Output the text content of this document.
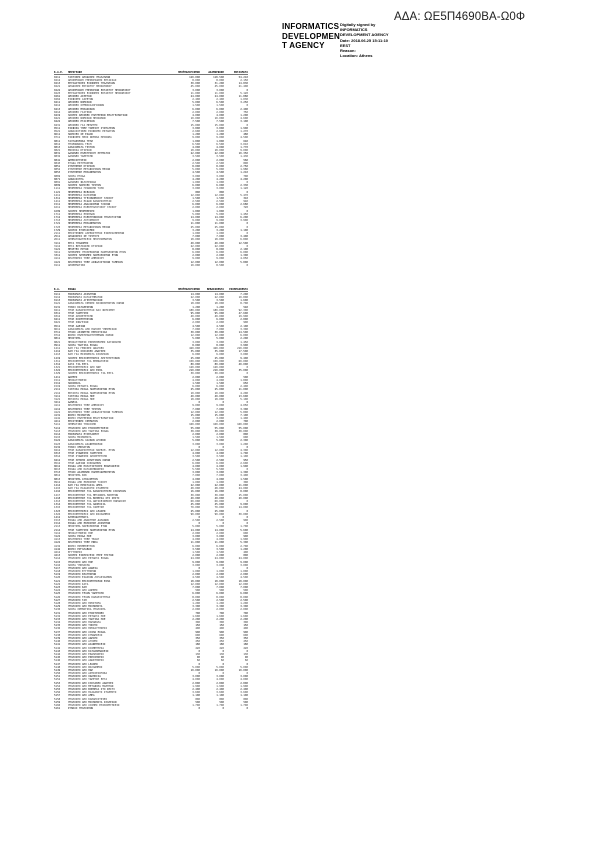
ΑΔΑ: ΩΕ5Π4690ΒΑ-Ω0Φ
INFORMATICS
DEVELOPMEN
T AGENCY
Digitally signed by
INFORMATICS
DEVELOPMENT AGENCY
Date: 2018.06.25 15:11:10
EEST
Reason:
Location: Athens
Κ.Α.Ε.	ΠΕΡΙΓΡΑΦΗ	ΠΡΟΫΠΟΛΟΓΙΣΜΟΣ	ΔΙΑΜΟΡΦΩΣΗ	ΕΝΤΑΛΜΑΤΑ
0211	ΤΑΚΤΙΚΕΣ ΑΠΟΔΟΧΕΣ ΥΠΑΛΛΗΛΩΝ	120.000	118.500	54.210
0212	ΑΠΟΖΗΜΙΩΣΗ ΥΠΕΡΩΡΙΑΚΗΣ ΕΡΓΑΣΙΑΣ	8.000	8.000	2.150
0213	ΕΡΓΟΔΟΤΙΚΕΣ ΕΙΣΦΟΡΕΣ ΥΠΑΛΛΗΛΩΝ	30.000	31.200	14.830
0221	ΑΠΟΔΟΧΕΣ ΕΚΤΑΚΤΟΥ ΠΡΟΣΩΠΙΚΟΥ	45.000	45.000	21.400
0222	ΑΠΟΖΗΜΙΩΣΗ ΥΠΕΡΩΡΙΩΝ ΕΚΤΑΚΤΟΥ ΠΡΟΣΩΠΙΚΟΥ	3.000	3.000	0
0223	ΕΡΓΟΔΟΤΙΚΕΣ ΕΙΣΦΟΡΕΣ ΕΚΤΑΚΤΟΥ ΠΡΟΣΩΠΙΚΟΥ	11.000	11.000	5.120
0261	ΑΜΟΙΒΕΣ ΑΙΡΕΤΩΝ	24.000	24.000	11.880
0262	ΕΙΣΦΟΡΕΣ ΑΙΡΕΤΩΝ	2.400	2.400	1.030
0411	ΑΜΟΙΒΕΣ ΝΟΜΙΚΩΝ	5.000	6.500	3.250
0412	ΑΜΟΙΒΕΣ ΣΥΜΒΟΛΑΙΟΓΡΑΦΩΝ	1.500	1.500	0
0413	ΑΜΟΙΒΕΣ ΜΗΧΑΝΙΚΩΝ	6.000	6.000	2.400
0414	ΑΜΟΙΒΕΣ ΓΙΑΤΡΩΝ	2.000	2.000	750
0419	ΛΟΙΠΕΣ ΑΜΟΙΒΕΣ ΕΛΕΥΘΕΡΩΝ ΕΠΑΓΓΕΛΜΑΤΙΩΝ	4.000	4.000	1.200
0421	ΑΜΟΙΒΕΣ ΝΟΜΙΚΩΝ ΠΡΟΣΩΠΩΝ	10.000	10.000	4.600
0422	ΑΜΟΙΒΕΣ ΕΤΑΙΡΕΙΩΝ	7.500	7.500	3.100
0431	ΑΜΟΙΒΕΣ ΓΙΑ ΜΕΛΕΤΕΣ	15.000	15.000	0
0511	ΕΙΣΦΟΡΑ ΥΠΕΡ ΤΑΜΕΙΟΥ ΣΥΝΤΑΞΕΩΝ	3.800	3.800	1.900
0521	ΑΣΦΑΛΙΣΤΙΚΕΣ ΕΙΣΦΟΡΕΣ ΕΚΤΑΚΤΩΝ	2.600	2.600	1.270
0611	ΠΑΡΟΧΕΣ ΣΕ ΕΙΔΟΣ	1.200	1.200	480
0711	ΕΙΣΦΟΡΕΣ ΠΡΟΣ ΝΟΜΙΚΑ ΠΡΟΣΩΠΑ	9.000	9.000	4.500
0811	ΤΑΧΥΔΡΟΜΙΚΑ ΤΕΛΗ	1.800	1.800	640
0812	ΤΗΛΕΦΩΝΙΚΑ ΤΕΛΗ	6.500	6.500	3.010
0813	ΔΙΚΑΙΩΜΑΤΑ ΤΡΙΤΩΝ	4.000	4.000	1.770
0821	ΕΝΟΙΚΙΑ ΚΤΙΡΙΩΝ	18.000	18.000	9.000
0831	ΔΑΠΑΝΕΣ ΗΛΕΚΤΡΙΚΟΥ ΡΕΥΜΑΤΟΣ	22.000	22.000	10.350
0832	ΔΑΠΑΝΕΣ ΥΔΡΕΥΣΗΣ	3.500	3.500	1.430
0841	ΔΗΜΟΣΙΕΥΣΕΙΣ	2.000	2.000	560
0843	ΕΞΟΔΑ ΕΚΤΥΠΩΣΕΩΝ	2.500	2.500	890
0851	ΣΥΝΤΗΡΗΣΗ ΚΤΙΡΙΩΝ	8.000	8.000	2.750
0852	ΣΥΝΤΗΡΗΣΗ ΜΕΤΑΦΟΡΙΚΩΝ ΜΕΣΩΝ	5.000	5.000	1.980
0853	ΣΥΝΤΗΡΗΣΗ ΜΗΧΑΝΗΜΑΤΩΝ	4.500	4.500	1.210
0869	ΛΟΙΠΑ ΕΞΟΔΑ	3.000	3.000	700
0871	ΑΣΦΑΛΙΣΤΡΑ	4.200	4.200	4.200
0891	ΔΑΠΑΝΕΣ ΦΙΛΟΞΕΝΙΑΣ	1.000	1.000	0
0899	ΛΟΙΠΕΣ ΠΑΡΟΧΕΣ ΤΡΙΤΩΝ	6.000	6.000	2.330
1111	ΠΡΟΜΗΘΕΙΑ ΓΡΑΦΙΚΗΣ ΥΛΗΣ	3.000	3.000	1.120
1121	ΠΡΟΜΗΘΕΙΑ ΒΙΒΛΙΩΝ	800	800	0
1211	ΠΡΟΜΗΘΕΙΑ ΚΑΥΣΙΜΩΝ	12.000	12.000	5.470
1311	ΠΡΟΜΗΘΕΙΑ ΥΓΕΙΟΝΟΜΙΚΟΥ ΥΛΙΚΟΥ	1.500	1.500	310
1411	ΠΡΟΜΗΘΕΙΑ ΕΙΔΩΝ ΚΑΘΑΡΙΟΤΗΤΑΣ	2.500	2.500	940
1511	ΠΡΟΜΗΘΕΙΑ ΑΝΑΛΩΣΙΜΩΝ ΥΛΙΚΩΝ	6.000	6.000	2.680
1611	ΠΡΟΜΗΘΕΙΑ ΗΛΕΚΤΡΟΛΟΓΙΚΟΥ ΥΛΙΚΟΥ	2.000	2.000	720
1699	ΛΟΙΠΕΣ ΠΡΟΜΗΘΕΙΕΣ	1.800	1.800	0
1711	ΠΡΟΜΗΘΕΙΑ ΕΠΙΠΛΩΝ	5.000	5.000	1.450
1712	ΠΡΟΜΗΘΕΙΑ ΗΛΕΚΤΡΟΝΙΚΩΝ ΥΠΟΛΟΓΙΣΤΩΝ	14.000	14.000	6.200
1713	ΠΡΟΜΗΘΕΙΑ ΛΟΓΙΣΜΙΚΟΥ	9.000	9.000	3.900
1721	ΠΡΟΜΗΘΕΙΑ ΜΗΧΑΝΗΜΑΤΩΝ	11.000	11.000	0
1723	ΠΡΟΜΗΘΕΙΑ ΜΕΤΑΦΟΡΙΚΩΝ ΜΕΣΩΝ	25.000	25.000	0
1729	ΛΟΙΠΟΣ ΕΞΟΠΛΙΣΜΟΣ	3.200	3.200	1.100
2111	ΕΠΙΣΤΡΟΦΕΣ ΑΧΡΕΩΣΤΗΤΩΣ ΕΙΣΠΡΑΧΘΕΝΤΩΝ	1.000	1.000	0
2511	ΑΠΟΔΟΣΕΙΣ ΣΕ ΤΡΙΤΟΥΣ	7.000	7.000	3.400
2611	ΧΡΗΜΑΤΟΔΟΤΗΣΕΙΣ ΠΡΟΓΡΑΜΜΑΤΩΝ	18.000	18.000	6.800
3111	ΕΡΓΑ ΥΠΟΔΟΜΗΣ	40.000	40.000	12.500
3112	ΕΡΓΑ ΒΕΛΤΙΩΣΗΣ ΚΤΙΡΙΩΝ	22.000	22.000	0
3121	ΜΕΛΕΤΕΣ ΕΡΓΩΝ	8.000	8.000	2.100
3211	ΠΛΗΡΩΜΕΣ ΥΠΟΧΡΕΩΣΕΩΝ ΠΑΡΕΛΘΟΝΤΩΝ ΕΤΩΝ	6.000	6.000	6.000
3311	ΛΟΙΠΕΣ ΠΛΗΡΩΜΕΣ ΠΑΡΕΛΘΟΝΤΩΝ ΕΤΩΝ	2.000	2.000	1.300
4111	ΚΡΑΤΗΣΕΙΣ ΥΠΕΡ ΔΗΜΟΣΙΟΥ	9.000	9.000	4.050
4121	ΚΡΑΤΗΣΕΙΣ ΥΠΕΡ ΑΣΦΑΛΙΣΤΙΚΩΝ ΤΑΜΕΙΩΝ	12.000	12.000	5.800
9111	ΑΠΟΘΕΜΑΤΙΚΟ	10.000	8.500	0
Κ.Α.	ΕΣΟΔΑ	ΠΡΟΫΠΟΛΟΓΙΣΜΟΣ	ΒΕΒΑΙΩΘΕΝΤΑ	ΕΙΣΠΡΑΧΘΕΝΤΑ
0111	ΜΙΣΘΩΜΑΤΑ ΑΚΙΝΗΤΩΝ	14.000	14.000	7.200
0112	ΜΙΣΘΩΜΑΤΑ ΚΑΤΑΣΤΗΜΑΤΩΝ	22.000	22.000	10.800
0113	ΜΙΣΘΩΜΑΤΑ ΑΓΡΟΤΕΜΑΧΙΩΝ	3.500	3.500	1.600
0121	ΔΙΚΑΙΩΜΑΤΑ ΧΡΗΣΗΣ ΚΟΙΝΟΧΡΗΣΤΩΝ ΧΩΡΩΝ	18.000	18.000	8.700
0131	ΤΟΚΟΙ ΚΑΤΑΘΕΣΕΩΝ	1.200	1.200	540
0211	ΤΕΛΗ ΚΑΘΑΡΙΟΤΗΤΑΣ ΚΑΙ ΦΩΤΙΣΜΟΥ	180.000	180.000	92.300
0311	ΤΕΛΗ ΥΔΡΕΥΣΗΣ	95.000	95.000	47.600
0312	ΤΕΛΗ ΑΠΟΧΕΤΕΥΣΗΣ	40.000	40.000	19.900
0411	ΤΕΛΗ ΚΟΙΜΗΤΗΡΙΩΝ	6.000	6.000	2.800
0421	ΤΕΛΗ ΣΦΑΓΕΙΩΝ	2.000	2.000	900
0511	ΤΕΛΗ ΑΔΕΙΩΝ	4.500	4.500	2.100
0611	ΔΙΚΑΙΩΜΑΤΑ ΑΠΟ ΠΑΡΟΧΗ ΥΠΗΡΕΣΙΩΝ	7.000	7.000	3.300
0711	ΤΕΛΟΣ ΑΚΙΝΗΤΗΣ ΠΕΡΙΟΥΣΙΑΣ	30.000	30.000	14.500
0712	ΦΟΡΟΣ ΗΛΕΚΤΡΟΔΟΤΟΥΜΕΝΩΝ ΧΩΡΩΝ	12.000	12.000	6.000
0811	ΠΡΟΣΤΙΜΑ	5.000	5.000	2.200
0821	ΠΡΟΣΑΥΞΗΣΕΙΣ ΕΚΠΡΟΘΕΣΜΗΣ ΚΑΤΑΒΟΛΗΣ	3.000	3.000	1.450
0911	ΛΟΙΠΑ ΤΑΚΤΙΚΑ ΕΣΟΔΑ	8.000	8.000	3.900
1211	ΚΑΠ ΓΙΑ ΓΕΝΙΚΕΣ ΑΝΑΓΚΕΣ	420.000	420.000	210.000
1212	ΚΑΠ ΓΙΑ ΣΧΟΛΙΚΕΣ ΑΝΑΓΚΕΣ	35.000	35.000	17.500
1213	ΚΑΠ ΓΙΑ ΜΙΣΘΩΜΑΤΑ ΣΧΟΛΕΙΩΝ	6.000	6.000	3.000
1219	ΛΟΙΠΕΣ ΕΠΙΧΟΡΗΓΗΣΕΙΣ ΛΕΙΤΟΥΡΓΙΚΩΝ	25.000	25.000	9.400
1311	ΕΠΙΧΟΡΗΓΗΣΗ ΓΙΑ ΕΠΕΝΔΥΣΕΙΣ	150.000	150.000	60.000
1312	ΣΑΤΑ ΓΙΑ ΕΡΓΑ	80.000	80.000	40.000
1321	ΕΠΙΧΟΡΗΓΗΣΕΙΣ ΑΠΟ ΠΔΕ	120.000	120.000	0
1322	ΕΠΙΧΟΡΗΓΗΣΕΙΣ ΑΠΟ ΕΣΠΑ	210.000	210.000	35.000
1329	ΛΟΙΠΕΣ ΕΠΙΧΟΡΗΓΗΣΕΙΣ ΓΙΑ ΕΡΓΑ	30.000	30.000	0
1411	ΔΩΡΕΕΣ	2.000	2.000	500
1511	ΠΡΟΣΑΥΞΗΣΕΙΣ	4.000	4.000	1.800
1512	ΠΑΡΑΒΟΛΑ	1.500	1.500	650
1519	ΛΟΙΠΑ ΕΚΤΑΚΤΑ ΕΣΟΔΑ	6.000	6.000	2.400
2111	ΤΑΚΤΙΚΑ ΕΣΟΔΑ ΠΑΡΕΛΘΟΝΤΩΝ ΕΤΩΝ	25.000	25.000	11.000
2112	ΕΚΤΑΚΤΑ ΕΣΟΔΑ ΠΑΡΕΛΘΟΝΤΩΝ ΕΤΩΝ	10.000	10.000	4.200
3111	ΤΑΚΤΙΚΑ ΕΣΟΔΑ ΠΟΕ	40.000	40.000	13.600
3121	ΕΚΤΑΚΤΑ ΕΣΟΔΑ ΠΟΕ	18.000	18.000	5.100
3211	ΔΑΝΕΙΑ	0	0	0
4111	ΚΡΑΤΗΣΕΙΣ ΥΠΕΡ ΔΗΜΟΣΙΟΥ	9.000	9.000	4.050
4112	ΚΡΑΤΗΣΕΙΣ ΥΠΕΡ ΤΡΙΤΩΝ	7.000	7.000	3.300
4121	ΚΡΑΤΗΣΕΙΣ ΥΠΕΡ ΑΣΦΑΛΙΣΤΙΚΩΝ ΤΑΜΕΙΩΝ	12.000	12.000	5.800
4131	ΦΟΡΟΙ ΜΙΣΘΩΤΩΝ	15.000	15.000	7.100
4141	ΦΟΡΟΙ ΕΛΕΥΘΕΡΩΝ ΕΠΑΓΓΕΛΜΑΤΙΩΝ	3.000	3.000	1.400
4211	ΕΠΙΣΤΡΟΦΕΣ ΧΡΗΜΑΤΩΝ	2.000	2.000	700
5111	ΧΡΗΜΑΤΙΚΟ ΥΠΟΛΟΙΠΟ	160.000	160.000	160.000
5112	ΥΠΟΛΟΙΠΟ ΑΠΟ ΕΠΙΧΟΡΗΓΗΣΕΙΣ	55.000	55.000	55.000
5113	ΥΠΟΛΟΙΠΟ ΑΠΟ ΤΑΚΤΙΚΑ ΕΣΟΔΑ	38.000	38.000	38.000
0114	ΜΙΣΘΩΜΑΤΑ ΕΞΟΠΛΙΣΜΟΥ	2.000	2.000	800
0115	ΛΟΙΠΑ ΜΙΣΘΩΜΑΤΑ	1.500	1.500	600
0122	ΔΙΚΑΙΩΜΑΤΑ ΛΑΪΚΩΝ ΑΓΟΡΩΝ	5.000	5.000	2.300
0123	ΔΙΚΑΙΩΜΑΤΑ ΔΙΑΦΗΜΙΣΕΩΝ	3.000	3.000	1.200
0132	ΤΟΚΟΙ ΟΜΟΛΟΓΩΝ	0	0	0
0212	ΤΕΛΗ ΚΑΘΑΡΙΟΤΗΤΑΣ ΠΑΡΕΛΘ. ΕΤΩΝ	12.000	12.000	4.300
0313	ΤΕΛΗ ΣΥΝΔΕΣΗΣ ΥΔΡΕΥΣΗΣ	4.000	4.000	1.700
0314	ΤΕΛΗ ΣΥΝΔΕΣΗΣ ΑΠΟΧΕΤΕΥΣΗΣ	3.500	3.500	1.100
0412	ΤΕΛΗ ΧΡΗΣΗΣ ΑΘΛΗΤΙΚΩΝ ΧΩΡΩΝ	2.500	2.500	950
0512	ΤΕΛΗ ΑΔΕΙΩΝ ΟΙΚΟΔΟΜΩΝ	6.000	6.000	2.600
0612	ΕΣΟΔΑ ΑΠΟ ΠΟΛΙΤΙΣΤΙΚΕΣ ΕΚΔΗΛΩΣΕΙΣ	4.000	4.000	1.900
0613	ΕΣΟΔΑ ΑΠΟ ΚΑΤΑΣΚΗΝΩΣΕΙΣ	5.500	5.500	0
0713	ΤΕΛΟΣ ΔΙΑΜΟΝΗΣ ΠΑΡΕΠΙΔΗΜΟΥΝΤΩΝ	3.000	3.000	1.300
0812	ΠΡΟΣΤΙΜΑ ΚΟΚ	7.000	7.000	3.400
0813	ΠΡΟΣΤΙΜΑ ΑΥΘΑΙΡΕΤΩΝ	4.000	4.000	1.500
0912	ΕΣΟΔΑ ΑΠΟ ΕΚΠΟΙΗΣΗ ΥΛΙΚΟΥ	1.000	1.000	300
1214	ΚΑΠ ΓΙΑ ΠΡΟΣΤΑΣΙΑ ΑΜΕΑ	22.000	22.000	11.000
1215	ΚΑΠ ΓΙΑ ΠΑΙΔΙΚΟΥΣ ΣΤΑΘΜΟΥΣ	48.000	48.000	24.000
1216	ΕΠΙΧΟΡΗΓΗΣΗ ΓΙΑ ΚΑΘΑΡΙΣΤΡΙΕΣ ΣΧΟΛΕΙΩΝ	16.000	16.000	8.000
1217	ΕΠΙΧΟΡΗΓΗΣΗ ΓΙΑ ΜΕΤΑΦΟΡΑ ΜΑΘΗΤΩΝ	30.000	30.000	15.000
1218	ΕΠΙΧΟΡΗΓΗΣΗ ΓΙΑ ΒΟΗΘΕΙΑ ΣΤΟ ΣΠΙΤΙ	40.000	40.000	20.000
1313	ΕΠΙΧΟΡΗΓΗΣΗ ΓΙΑ ΑΝΤΙΣΕΙΣΜΙΚΗ ΘΩΡΑΚΙΣΗ	60.000	60.000	0
1314	ΕΠΙΧΟΡΗΓΗΣΗ ΓΙΑ ΟΔΟΠΟΙΙΑ	45.000	45.000	9.000
1315	ΕΠΙΧΟΡΗΓΗΣΗ ΓΙΑ ΥΔΡΕΥΣΗ	70.000	70.000	14.000
1323	ΕΠΙΧΟΡΗΓΗΣΕΙΣ ΑΠΟ LEADER	25.000	25.000	0
1324	ΕΠΙΧΟΡΗΓΗΣΕΙΣ ΑΠΟ ΦΙΛΟΔΗΜΟΣ	90.000	90.000	30.000
1412	ΚΛΗΡΟΔΟΤΗΜΑΤΑ	0	0	0
1513	ΕΣΟΔΑ ΑΠΟ ΑΝΑΚΤΗΣΗ ΔΑΠΑΝΩΝ	2.500	2.500	900
1514	ΕΣΟΔΑ ΑΠΟ ΕΚΠΟΙΗΣΗ ΑΚΙΝΗΤΩΝ	0	0	0
2113	ΠΡΟΣΤΙΜΑ ΠΑΡΕΛΘΟΝΤΩΝ ΕΤΩΝ	5.000	5.000	1.700
2114	ΤΕΛΗ ΥΔΡΕΥΣΗΣ ΠΑΡΕΛΘΟΝΤΩΝ ΕΤΩΝ	14.000	14.000	5.600
3112	ΠΡΟΣΑΥΞΗΣΕΙΣ ΠΟΕ	2.000	2.000	600
3122	ΛΟΙΠΑ ΕΣΟΔΑ ΠΟΕ	3.000	3.000	900
4113	ΚΡΑΤΗΣΕΙΣ ΥΠΕΡ ΤΕΑΔΥ	4.000	4.000	1.900
4122	ΚΡΑΤΗΣΕΙΣ ΥΠΕΡ ΕΦΚΑ	11.000	11.000	5.300
4132	ΦΟΡΟΙ ΠΡΟΜΗΘΕΥΤΩΝ	6.000	6.000	2.700
4142	ΦΟΡΟΙ ΕΡΓΟΛΑΒΩΝ	3.500	3.500	1.200
4212	ΕΓΓΥΗΣΕΙΣ	1.500	1.500	400
4213	ΛΟΙΠΕΣ ΕΙΣΠΡΑΞΕΙΣ ΥΠΕΡ ΤΡΙΤΩΝ	2.000	2.000	800
5114	ΥΠΟΛΟΙΠΟ ΑΠΟ ΕΚΤΑΚΤΑ ΕΣΟΔΑ	24.000	24.000	24.000
5115	ΥΠΟΛΟΙΠΟ ΑΠΟ ΠΟΕ	9.000	9.000	9.000
5116	ΛΟΙΠΑ ΥΠΟΛΟΙΠΑ	3.000	3.000	3.000
5117	ΥΠΟΛΟΙΠΟ ΑΠΟ ΔΑΝΕΙΑ	0	0	0
5118	ΥΠΟΛΟΙΠΟ ΕΓΓΥΗΣΕΩΝ	1.000	1.000	1.000
5119	ΥΠΟΛΟΙΠΟ ΚΡΑΤΗΣΕΩΝ	2.000	2.000	2.000
5120	ΥΠΟΛΟΙΠΟ ΕΙΔΙΚΩΝ ΛΟΓΑΡΙΑΣΜΩΝ	4.500	4.500	4.500
5121	ΥΠΟΛΟΙΠΟ ΕΠΙΧΟΡΗΓΗΣΕΩΝ ΕΣΠΑ	18.000	18.000	18.000
5122	ΥΠΟΛΟΙΠΟ ΣΑΤΑ	12.000	12.000	12.000
5123	ΥΠΟΛΟΙΠΟ ΚΑΠ	7.000	7.000	7.000
5124	ΥΠΟΛΟΙΠΟ ΑΠΟ ΔΩΡΕΕΣ	500	500	500
5125	ΥΠΟΛΟΙΠΟ ΤΕΛΩΝ ΥΔΡΕΥΣΗΣ	6.000	6.000	6.000
5126	ΥΠΟΛΟΙΠΟ ΤΕΛΩΝ ΚΑΘΑΡΙΟΤΗΤΑΣ	8.000	8.000	8.000
5127	ΥΠΟΛΟΙΠΟ ΤΑΠ	2.500	2.500	2.500
5128	ΥΠΟΛΟΙΠΟ ΑΠΟ ΠΡΟΣΤΙΜΑ	1.200	1.200	1.200
5129	ΥΠΟΛΟΙΠΟ ΑΠΟ ΜΙΣΘΩΜΑΤΑ	3.300	3.300	3.300
5130	ΛΟΙΠΑ ΧΡΗΜΑΤΙΚΑ ΥΠΟΛΟΙΠΑ	2.000	2.000	2.000
5131	ΥΠΟΛΟΙΠΟ ΑΠΟ ΕΠΙΣΤΡΟΦΕΣ	700	700	700
5132	ΥΠΟΛΟΙΠΟ ΑΠΟ ΕΚΤΑΚΤΑ ΠΟΕ	1.600	1.600	1.600
5133	ΥΠΟΛΟΙΠΟ ΑΠΟ ΤΑΚΤΙΚΑ ΠΟΕ	2.200	2.200	2.200
5134	ΥΠΟΛΟΙΠΟ ΑΠΟ ΠΑΡΑΒΟΛΑ	300	300	300
5135	ΥΠΟΛΟΙΠΟ ΑΠΟ ΤΟΚΟΥΣ	150	150	150
5136	ΥΠΟΛΟΙΠΟ ΑΠΟ ΠΡΟΣΑΥΞΗΣΕΙΣ	400	400	400
5137	ΥΠΟΛΟΙΠΟ ΑΠΟ ΛΟΙΠΑ ΕΣΟΔΑ	900	900	900
5138	ΥΠΟΛΟΙΠΟ ΑΠΟ ΣΥΝΔΕΣΕΙΣ	600	600	600
5139	ΥΠΟΛΟΙΠΟ ΑΠΟ ΑΔΕΙΕΣ	350	350	350
5140	ΥΠΟΛΟΙΠΟ ΑΠΟ ΑΓΟΡΕΣ	250	250	250
5141	ΥΠΟΛΟΙΠΟ ΑΠΟ ΔΙΑΦΗΜΙΣΕΙΣ	180	180	180
5142	ΥΠΟΛΟΙΠΟ ΑΠΟ ΚΟΙΜΗΤΗΡΙΑ	220	220	220
5143	ΥΠΟΛΟΙΠΟ ΑΠΟ ΚΑΤΑΣΚΗΝΩΣΕΙΣ	0	0	0
5144	ΥΠΟΛΟΙΠΟ ΑΠΟ ΕΚΔΗΛΩΣΕΙΣ	130	130	130
5145	ΥΠΟΛΟΙΠΟ ΑΠΟ ΕΚΠΟΙΗΣΕΙΣ	90	90	90
5146	ΥΠΟΛΟΙΠΟ ΑΠΟ ΑΝΑΚΤΗΣΕΙΣ	60	60	60
5147	ΥΠΟΛΟΙΠΟ ΑΠΟ LEADER	0	0	0
5148	ΥΠΟΛΟΙΠΟ ΑΠΟ ΦΙΛΟΔΗΜΟΣ	5.000	5.000	5.000
5149	ΥΠΟΛΟΙΠΟ ΑΠΟ ΠΔΕ	10.000	10.000	10.000
5150	ΥΠΟΛΟΙΠΟ ΑΠΟ ΑΝΤΙΣΕΙΣΜΙΚΑ	0	0	0
5151	ΥΠΟΛΟΙΠΟ ΑΠΟ ΟΔΟΠΟΙΙΑ	3.000	3.000	3.000
5152	ΥΠΟΛΟΙΠΟ ΑΠΟ ΥΔΡΕΥΣΗ ΕΡΓΑ	4.000	4.000	4.000
5153	ΥΠΟΛΟΙΠΟ ΑΠΟ ΣΧΟΛΙΚΕΣ ΑΝΑΓΚΕΣ	2.800	2.800	2.800
5154	ΥΠΟΛΟΙΠΟ ΑΠΟ ΜΕΤΑΦΟΡΑ ΜΑΘΗΤΩΝ	1.900	1.900	1.900
5155	ΥΠΟΛΟΙΠΟ ΑΠΟ ΒΟΗΘΕΙΑ ΣΤΟ ΣΠΙΤΙ	2.400	2.400	2.400
5156	ΥΠΟΛΟΙΠΟ ΑΠΟ ΠΑΙΔΙΚΟΥΣ ΣΤΑΘΜΟΥΣ	3.600	3.600	3.600
5157	ΥΠΟΛΟΙΠΟ ΑΠΟ ΑΜΕΑ	1.100	1.100	1.100
5158	ΥΠΟΛΟΙΠΟ ΑΠΟ ΚΑΘΑΡΙΣΤΡΙΕΣ	800	800	800
5159	ΥΠΟΛΟΙΠΟ ΑΠΟ ΜΙΣΘΩΜΑΤΑ ΣΧΟΛΕΙΩΝ	500	500	500
5160	ΥΠΟΛΟΙΠΟ ΑΠΟ ΛΟΙΠΕΣ ΕΠΙΧΟΡΗΓΗΣΕΙΣ	1.700	1.700	1.700
5161	ΣΥΝΟΛΟ ΥΠΟΛΟΙΠΩΝ	0	0	0
